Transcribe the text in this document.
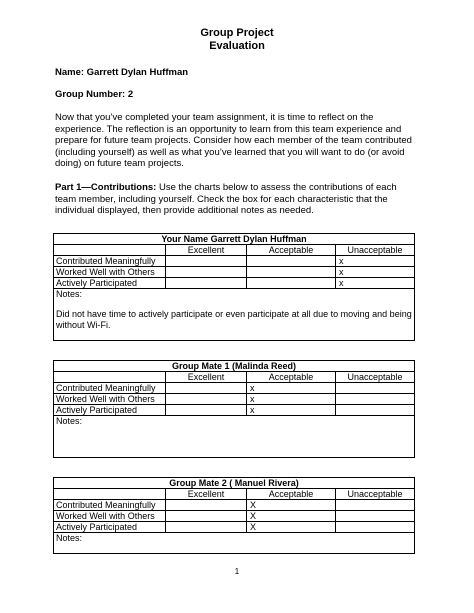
Group Project
Evaluation
Name: Garrett Dylan Huffman
Group Number: 2
Now that you’ve completed your team assignment, it is time to reflect on the experience. The reflection is an opportunity to learn from this team experience and prepare for future team projects. Consider how each member of the team contributed (including yourself) as well as what you’ve learned that you will want to do (or avoid doing) on future team projects.
Part 1—Contributions: Use the charts below to assess the contributions of each team member, including yourself. Check the box for each characteristic that the individual displayed, then provide additional notes as needed.
Your Name Garrett Dylan Huffman			
	Excellent	Acceptable	Unacceptable
Contributed Meaningfully			x
Worked Well with Others			x
Actively Participated			x

Notes:
Did not have time to actively participate or even participate at all due to moving and being without Wi-Fi.			
Group Mate 1 (Malinda Reed)			
	Excellent	Acceptable	Unacceptable
Contributed Meaningfully		x	
Worked Well with Others		x	
Actively Participated		x	

Notes:			
Group Mate 2 ( Manuel Rivera)			
	Excellent	Acceptable	Unacceptable
Contributed Meaningfully		X	
Worked Well with Others		X	
Actively Participated		X	

Notes:			
1
